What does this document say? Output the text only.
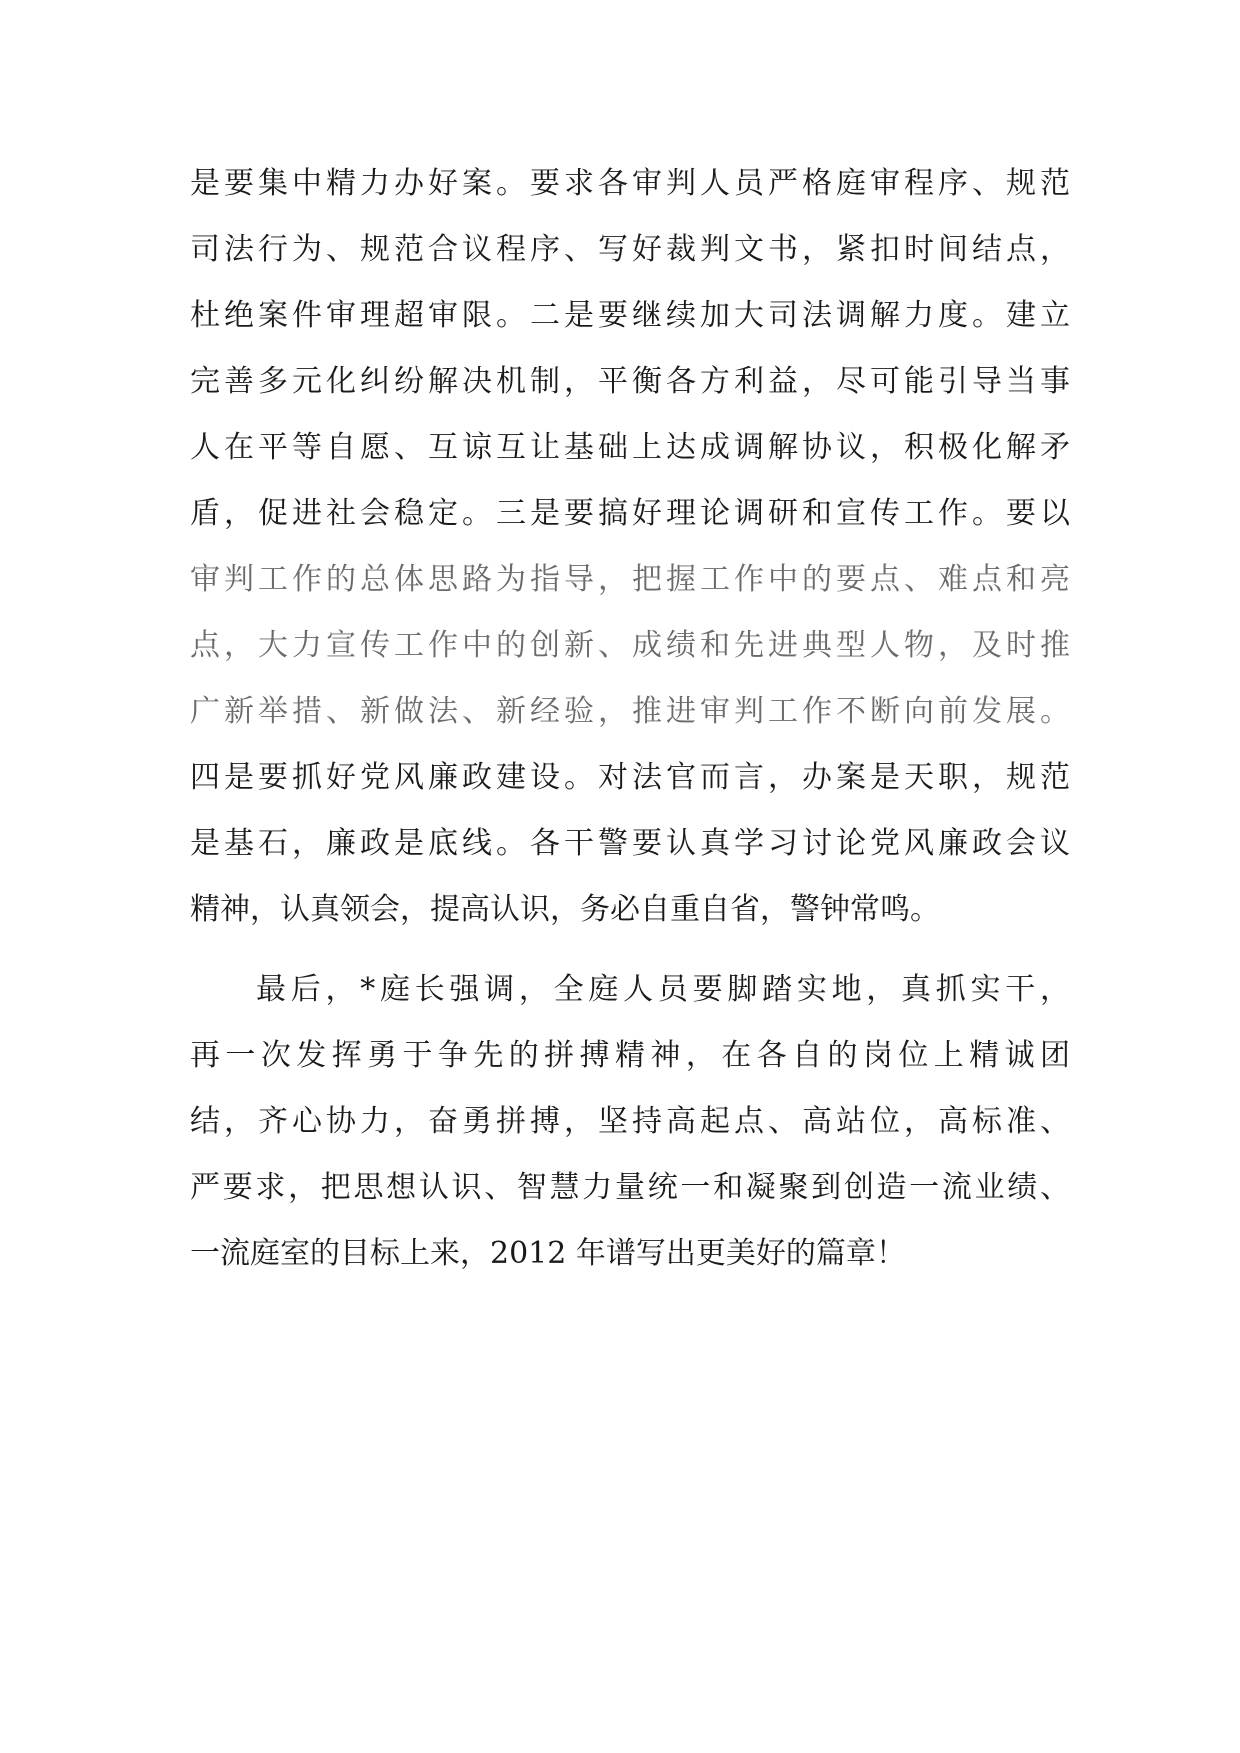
是要集中精力办好案。要求各审判人员严格庭审程序、规范
司法行为、规范合议程序、写好裁判文书，紧扣时间结点，
杜绝案件审理超审限。二是要继续加大司法调解力度。建立
完善多元化纠纷解决机制，平衡各方利益，尽可能引导当事
人在平等自愿、互谅互让基础上达成调解协议，积极化解矛
盾，促进社会稳定。三是要搞好理论调研和宣传工作。要以
审判工作的总体思路为指导，把握工作中的要点、难点和亮
点，大力宣传工作中的创新、成绩和先进典型人物，及时推
广新举措、新做法、新经验，推进审判工作不断向前发展。
四是要抓好党风廉政建设。对法官而言，办案是天职，规范
是基石，廉政是底线。各干警要认真学习讨论党风廉政会议
精神，认真领会，提高认识，务必自重自省，警钟常鸣。
最后，*庭长强调，全庭人员要脚踏实地，真抓实干，
再一次发挥勇于争先的拼搏精神，在各自的岗位上精诚团
结，齐心协力，奋勇拼搏，坚持高起点、高站位，高标准、
严要求，把思想认识、智慧力量统一和凝聚到创造一流业绩、
一流庭室的目标上来，2012 年谱写出更美好的篇章！
